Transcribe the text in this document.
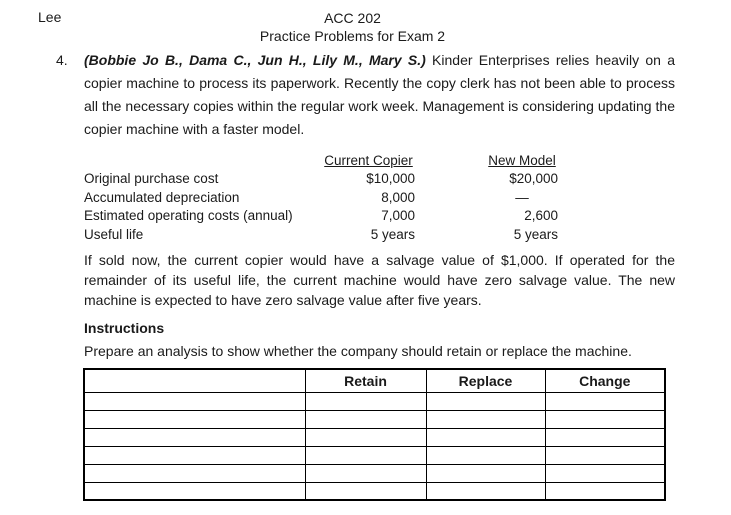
Lee	ACC 202
Practice Problems for Exam 2
4.	(Bobbie Jo B., Dama C., Jun H., Lily M., Mary S.) Kinder Enterprises relies heavily on a copier machine to process its paperwork. Recently the copy clerk has not been able to process all the necessary copies within the regular work week. Management is considering updating the copier machine with a faster model.
	Current Copier		New Model
Original purchase cost	$10,000		$20,000
Accumulated depreciation	8,000		—
Estimated operating costs (annual)	7,000		2,600
Useful life	5 years		5 years
If sold now, the current copier would have a salvage value of $1,000. If operated for the remainder of its useful life, the current machine would have zero salvage value. The new machine is expected to have zero salvage value after five years.
Instructions
Prepare an analysis to show whether the company should retain or replace the machine.
	Retain	Replace	Change
